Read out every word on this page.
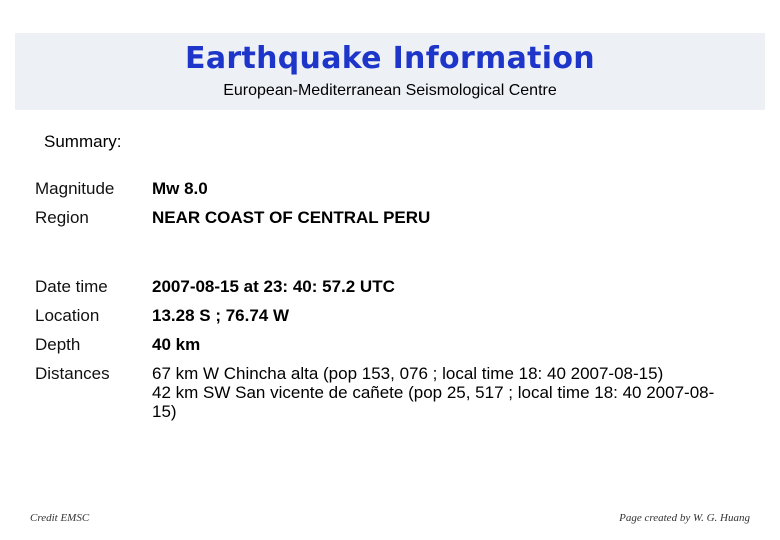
Earthquake Information
European-Mediterranean Seismological Centre
Summary:
Magnitude Mw 8.0
Region	NEAR COAST OF CENTRAL PERU
Date time	2007-08-15 at 23: 40: 57.2 UTC
Location	13.28 S ; 76.74 W
Depth	40 km
Distances 67 km W Chincha alta (pop 153, 076 ; local time 18: 40 2007-08-15)
42 km SW San vicente de cañete (pop 25, 517 ; local time 18: 40 2007-08-
15)
Credit EMSC	Page created by W. G. Huang
